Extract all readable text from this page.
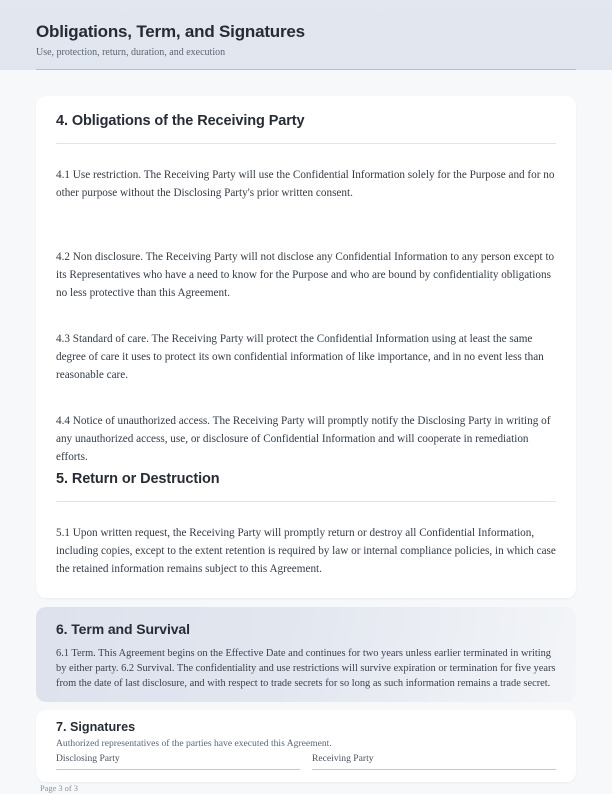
Obligations, Term, and Signatures
Use, protection, return, duration, and execution
4. Obligations of the Receiving Party

4.1 Use restriction. The Receiving Party will use the Confidential Information solely for the Purpose and for no other purpose without the Disclosing Party's prior written consent.

4.2 Non disclosure. The Receiving Party will not disclose any Confidential Information to any person except to its Representatives who have a need to know for the Purpose and who are bound by confidentiality obligations no less protective than this Agreement.

4.3 Standard of care. The Receiving Party will protect the Confidential Information using at least the same degree of care it uses to protect its own confidential information of like importance, and in no event less than reasonable care.

4.4 Notice of unauthorized access. The Receiving Party will promptly notify the Disclosing Party in writing of any unauthorized access, use, or disclosure of Confidential Information and will cooperate in remediation efforts.

5. Return or Destruction

5.1 Upon written request, the Receiving Party will promptly return or destroy all Confidential Information, including copies, except to the extent retention is required by law or internal compliance policies, in which case the retained information remains subject to this Agreement.

6. Term and Survival
6.1 Term. This Agreement begins on the Effective Date and continues for two years unless earlier terminated in writing by either party. 6.2 Survival. The confidentiality and use restrictions will survive expiration or termination for five years from the date of last disclosure, and with respect to trade secrets for so long as such information remains a trade secret.
7. Signatures
Authorized representatives of the parties have executed this Agreement.
Disclosing Party	Receiving Party
Page 3 of 3
